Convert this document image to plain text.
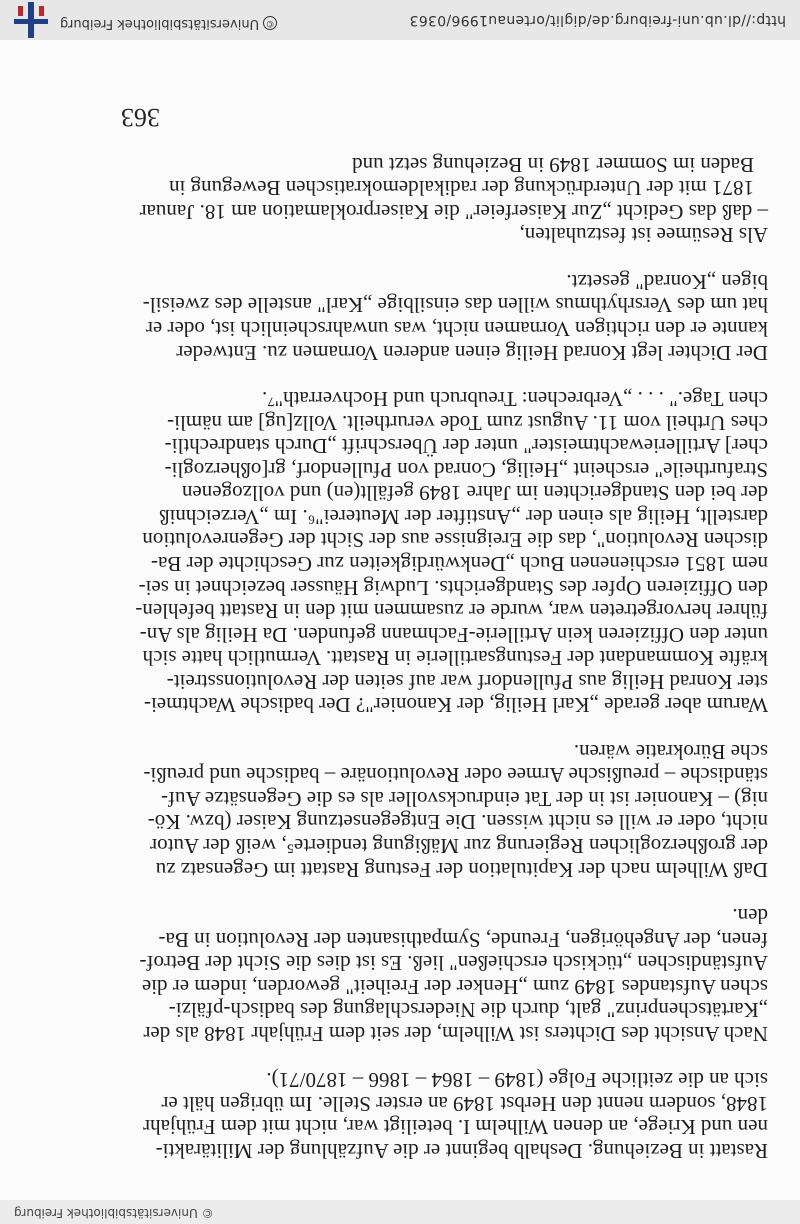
http://dl.ub.uni-freiburg.de/diglit/ortenau1996/0363
©Universitätsbibliothek Freiburg
© Universitätsbibliothek Freiburg
363
Rastatt in Beziehung. Deshalb beginnt er die Aufzählung der Militärakti-
nen und Kriege, an denen Wilhelm I. beteiligt war, nicht mit dem Frühjahr
1848, sondern nennt den Herbst 1849 an erster Stelle. Im übrigen hält er
sich an die zeitliche Folge (1849 – 1864 – 1866 – 1870/71).
Nach Ansicht des Dichters ist Wilhelm, der seit dem Frühjahr 1848 als der
„Kartätschenprinz" galt, durch die Niederschlagung des badisch-pfälzi-
schen Aufstandes 1849 zum „Henker der Freiheit" geworden, indem er die
Aufständischen „tückisch erschießen" ließ. Es ist dies die Sicht der Betrof-
fenen, der Angehörigen, Freunde, Sympathisanten der Revolution in Ba-
den.
Daß Wilhelm nach der Kapitulation der Festung Rastatt im Gegensatz zu
der großherzoglichen Regierung zur Mäßigung tendierte⁵, weiß der Autor
nicht, oder er will es nicht wissen. Die Entgegensetzung Kaiser (bzw. Kö-
nig) – Kanonier ist in der Tat eindrucksvoller als es die Gegensätze Auf-
ständische – preußische Armee oder Revolutionäre – badische und preußi-
sche Bürokratie wären.
Warum aber gerade „Karl Heilig, der Kanonier"? Der badische Wachtmei-
ster Konrad Heilig aus Pfullendorf war auf seiten der Revolutionsstreit-
kräfte Kommandant der Festungsartillerie in Rastatt. Vermutlich hatte sich
unter den Offizieren kein Artillerie-Fachmann gefunden. Da Heilig als An-
führer hervorgetreten war, wurde er zusammen mit den in Rastatt befehlen-
den Offizieren Opfer des Standgerichts. Ludwig Häusser bezeichnet in sei-
nem 1851 erschienenen Buch „Denkwürdigkeiten zur Geschichte der Ba-
dischen Revolution", das die Ereignisse aus der Sicht der Gegenrevolution
darstellt, Heilig als einen der „Anstifter der Meuterei"⁶. Im „Verzeichniß
der bei den Standgerichten im Jahre 1849 gefällt(en) und vollzogenen
Strafurtheile" erscheint „Heilig, Conrad von Pfullendorf, gr[oßherzogli-
cher] Artilleriewachtmeister" unter der Überschrift „Durch standrechtli-
ches Urtheil vom 11. August zum Tode verurtheilt. Vollz[ug] am nämli-
chen Tage." . . . „Verbrechen: Treubruch und Hochverrath"⁷.
Der Dichter legt Konrad Heilig einen anderen Vornamen zu. Entweder
kannte er den richtigen Vornamen nicht, was unwahrscheinlich ist, oder er
hat um des Versrhythmus willen das einsilbige „Karl" anstelle des zweisil-
bigen „Konrad" gesetzt.
Als Resümee ist festzuhalten,
– daß das Gedicht „Zur Kaiserfeier" die Kaiserproklamation am 18. Januar
1871 mit der Unterdrückung der radikaldemokratischen Bewegung in
Baden im Sommer 1849 in Beziehung setzt und
